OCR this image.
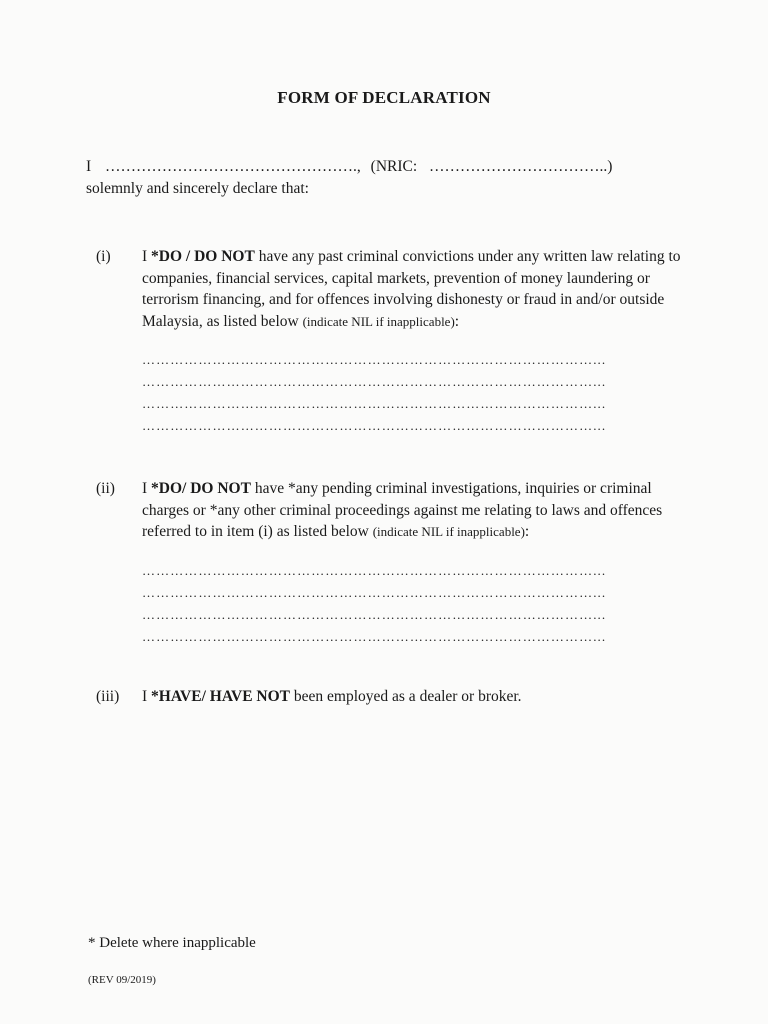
FORM OF DECLARATION
I …………………………………………., (NRIC: ……………………………..)
solemnly and sincerely declare that:
(i) I *DO / DO NOT have any past criminal convictions under any written law relating to companies, financial services, capital markets, prevention of money laundering or terrorism financing, and for offences involving dishonesty or fraud in and/or outside Malaysia, as listed below (indicate NIL if inapplicable):
……………………………………………………………………………………...
……………………………………………………………………………………...
……………………………………………………………………………………...
……………………………………………………………………………………...
(ii) I *DO/ DO NOT have *any pending criminal investigations, inquiries or criminal charges or *any other criminal proceedings against me relating to laws and offences referred to in item (i) as listed below (indicate NIL if inapplicable):
……………………………………………………………………………………...
……………………………………………………………………………………...
……………………………………………………………………………………...
……………………………………………………………………………………...
(iii) I *HAVE/ HAVE NOT been employed as a dealer or broker.
* Delete where inapplicable
(REV 09/2019)
